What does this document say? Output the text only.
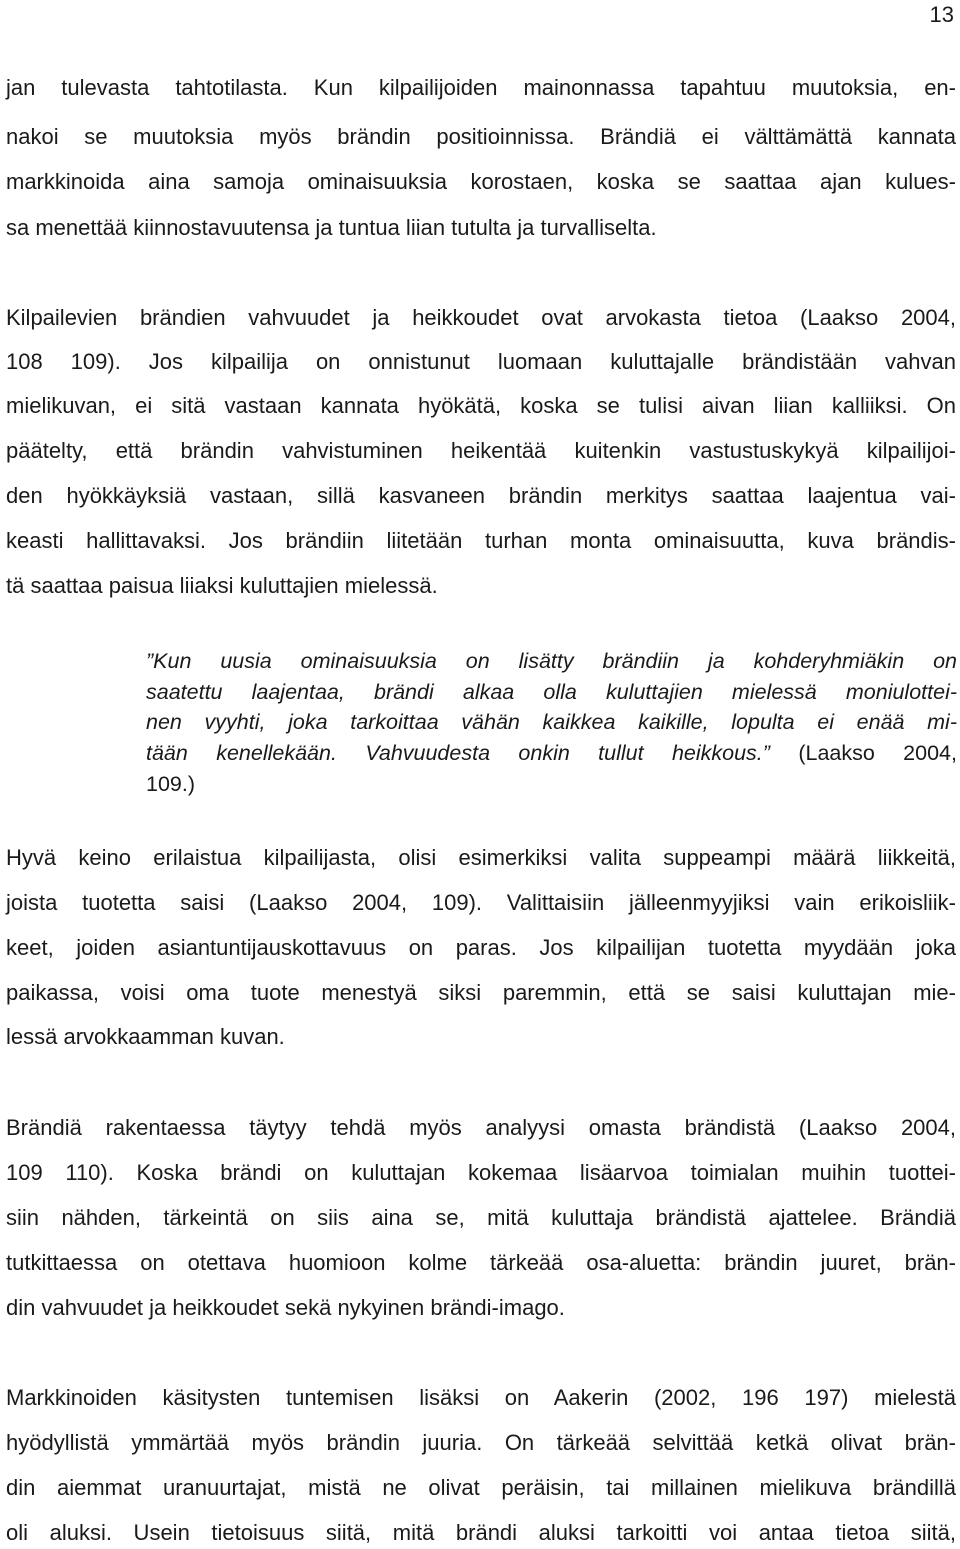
13
jan tulevasta tahtotilasta. Kun kilpailijoiden mainonnassa tapahtuu muutoksia, en-
nakoi se muutoksia myös brändin positioinnissa. Brändiä ei välttämättä kannata
markkinoida aina samoja ominaisuuksia korostaen, koska se saattaa ajan kulues-
sa menettää kiinnostavuutensa ja tuntua liian tutulta ja turvalliselta.
Kilpailevien brändien vahvuudet ja heikkoudet ovat arvokasta tietoa (Laakso 2004,
108 109). Jos kilpailija on onnistunut luomaan kuluttajalle brändistään vahvan
mielikuvan, ei sitä vastaan kannata hyökätä, koska se tulisi aivan liian kalliiksi. On
päätelty, että brändin vahvistuminen heikentää kuitenkin vastustuskykyä kilpailijoi-
den hyökkäyksiä vastaan, sillä kasvaneen brändin merkitys saattaa laajentua vai-
keasti hallittavaksi. Jos brändiin liitetään turhan monta ominaisuutta, kuva brändis-
tä saattaa paisua liiaksi kuluttajien mielessä.
”Kun uusia ominaisuuksia on lisätty brändiin ja kohderyhmiäkin on
saatettu laajentaa, brändi alkaa olla kuluttajien mielessä moniulottei-
nen vyyhti, joka tarkoittaa vähän kaikkea kaikille, lopulta ei enää mi-
tään kenellekään. Vahvuudesta onkin tullut heikkous.” (Laakso 2004,
109.)
Hyvä keino erilaistua kilpailijasta, olisi esimerkiksi valita suppeampi määrä liikkeitä,
joista tuotetta saisi (Laakso 2004, 109). Valittaisiin jälleenmyyjiksi vain erikoisliik-
keet, joiden asiantuntijauskottavuus on paras. Jos kilpailijan tuotetta myydään joka
paikassa, voisi oma tuote menestyä siksi paremmin, että se saisi kuluttajan mie-
lessä arvokkaamman kuvan.
Brändiä rakentaessa täytyy tehdä myös analyysi omasta brändistä (Laakso 2004,
109 110). Koska brändi on kuluttajan kokemaa lisäarvoa toimialan muihin tuottei-
siin nähden, tärkeintä on siis aina se, mitä kuluttaja brändistä ajattelee. Brändiä
tutkittaessa on otettava huomioon kolme tärkeää osa-aluetta: brändin juuret, brän-
din vahvuudet ja heikkoudet sekä nykyinen brändi-imago.
Markkinoiden käsitysten tuntemisen lisäksi on Aakerin (2002, 196 197) mielestä
hyödyllistä ymmärtää myös brändin juuria. On tärkeää selvittää ketkä olivat brän-
din aiemmat uranuurtajat, mistä ne olivat peräisin, tai millainen mielikuva brändillä
oli aluksi. Usein tietoisuus siitä, mitä brändi aluksi tarkoitti voi antaa tietoa siitä,
